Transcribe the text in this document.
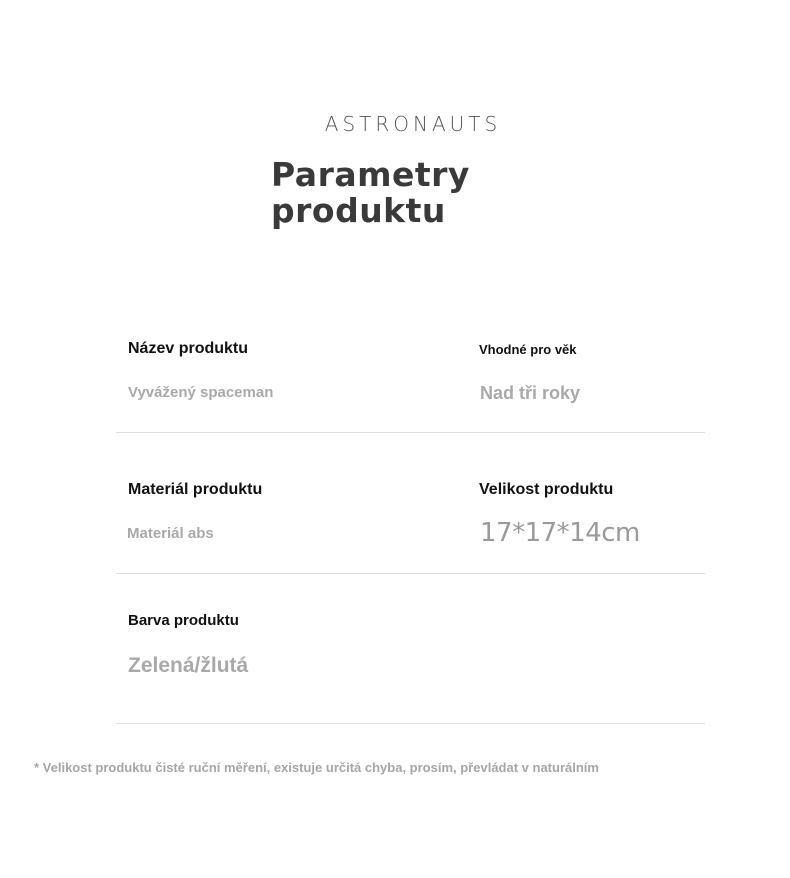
ASTRONAUTS
Parametry
produktu
Název produktu
Vyvážený spaceman
Vhodné pro věk
Nad tři roky
Materiál produktu
Materiál abs
Velikost produktu
17*17*14cm
Barva produktu
Zelená/žlutá
* Velikost produktu čisté ruční měření, existuje určitá chyba, prosím, převládat v naturálním
